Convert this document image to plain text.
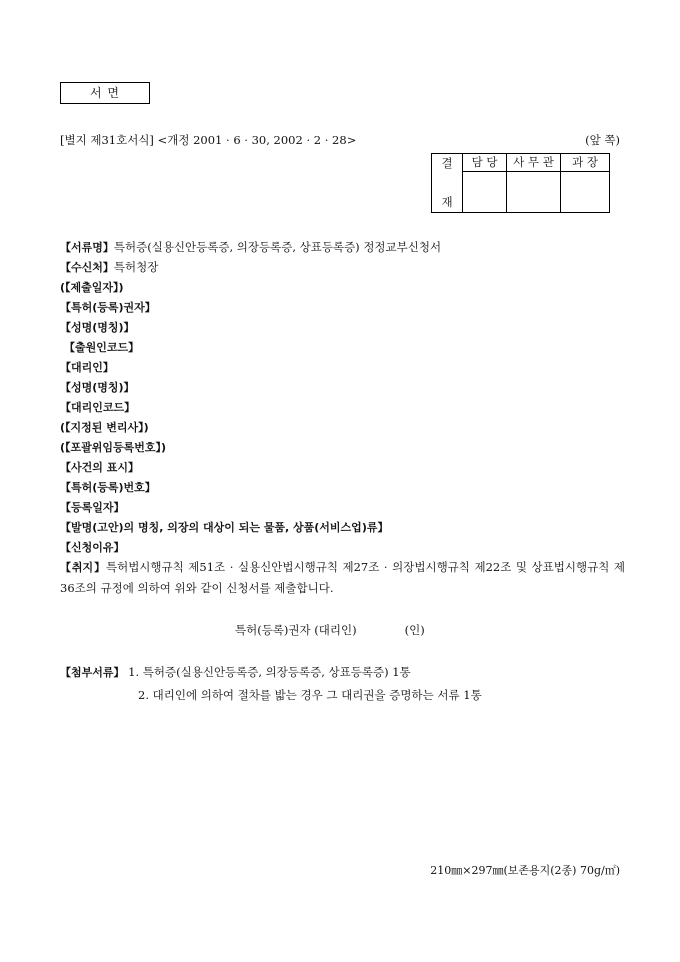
서 면
[별지 제31호서식] <개정 2001 · 6 · 30, 2002 · 2 · 28>	(앞 쪽)
결
재	담 당	사 무 관	과 장

【서류명】특허증(실용신안등록증, 의장등록증, 상표등록증) 정정교부신청서
【수신처】특허청장
(【제출일자】)
【특허(등록)권자】
【성명(명칭)】
【출원인코드】
【대리인】
【성명(명칭)】
【대리인코드】
(【지정된 변리사】)
(【포괄위임등록번호】)
【사건의 표시】
【특허(등록)번호】
【등록일자】
【발명(고안)의 명칭, 의장의 대상이 되는 물품, 상품(서비스업)류】
【신청이유】
【취지】특허법시행규칙 제51조 · 실용신안법시행규칙 제27조 · 의장법시행규칙 제22조 및 상표법시행규칙 제36조의 규정에 의하여 위와 같이 신청서를 제출합니다.
특허(등록)권자 (대리인)	(인)
【첨부서류】 1. 특허증(실용신안등록증, 의장등록증, 상표등록증) 1통
2. 대리인에 의하여 절차를 밟는 경우 그 대리권을 증명하는 서류 1통
210㎜×297㎜(보존용지(2종) 70g/㎡)
